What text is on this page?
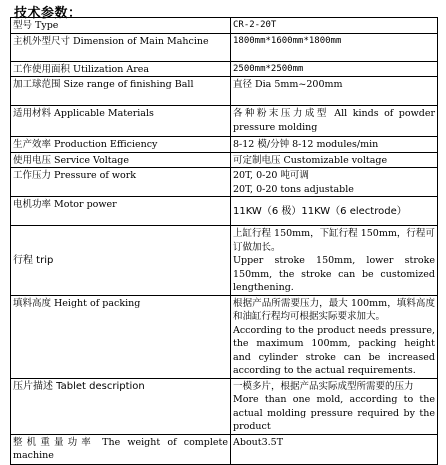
技术参数：
型号 Type	CR-2-20T
主机外型尺寸 Dimension of Main Mahcine	1800mm*1600mm*1800mm
工作使用面积 Utilization Area	2500mm*2500mm
加工球范围 Size range of finishing Ball	直径 Dia 5mm~200mm
适用材料 Applicable Materials	各种粉末压力成型 All kinds of powder pressure molding
生产效率 Production Efficiency	8-12 模/分钟 8-12 modules/min
使用电压 Service Voltage	可定制电压 Customizable voltage
工作压力 Pressure of work	20T, 0-20 吨可调
20T, 0-20 tons adjustable

电机功率 Motor power	11KW（6 极）11KW（6 electrode）
行程 trip	上缸行程 150mm，下缸行程 150mm，行程可订做加长。
Upper stroke 150mm, lower stroke 150mm, the stroke can be customized lengthening.

填料高度 Height of packing	根据产品所需要压力，最大 100mm，填料高度和油缸行程均可根据实际要求加大。
According to the product needs pressure, the maximum 100mm, packing height and cylinder stroke can be increased according to the actual requirements.

压片描述 Tablet description	一模多片，根据产品实际成型所需要的压力
More than one mold, according to the actual molding pressure required by the product

整机重量功率 The weight of complete machine	About3.5T
